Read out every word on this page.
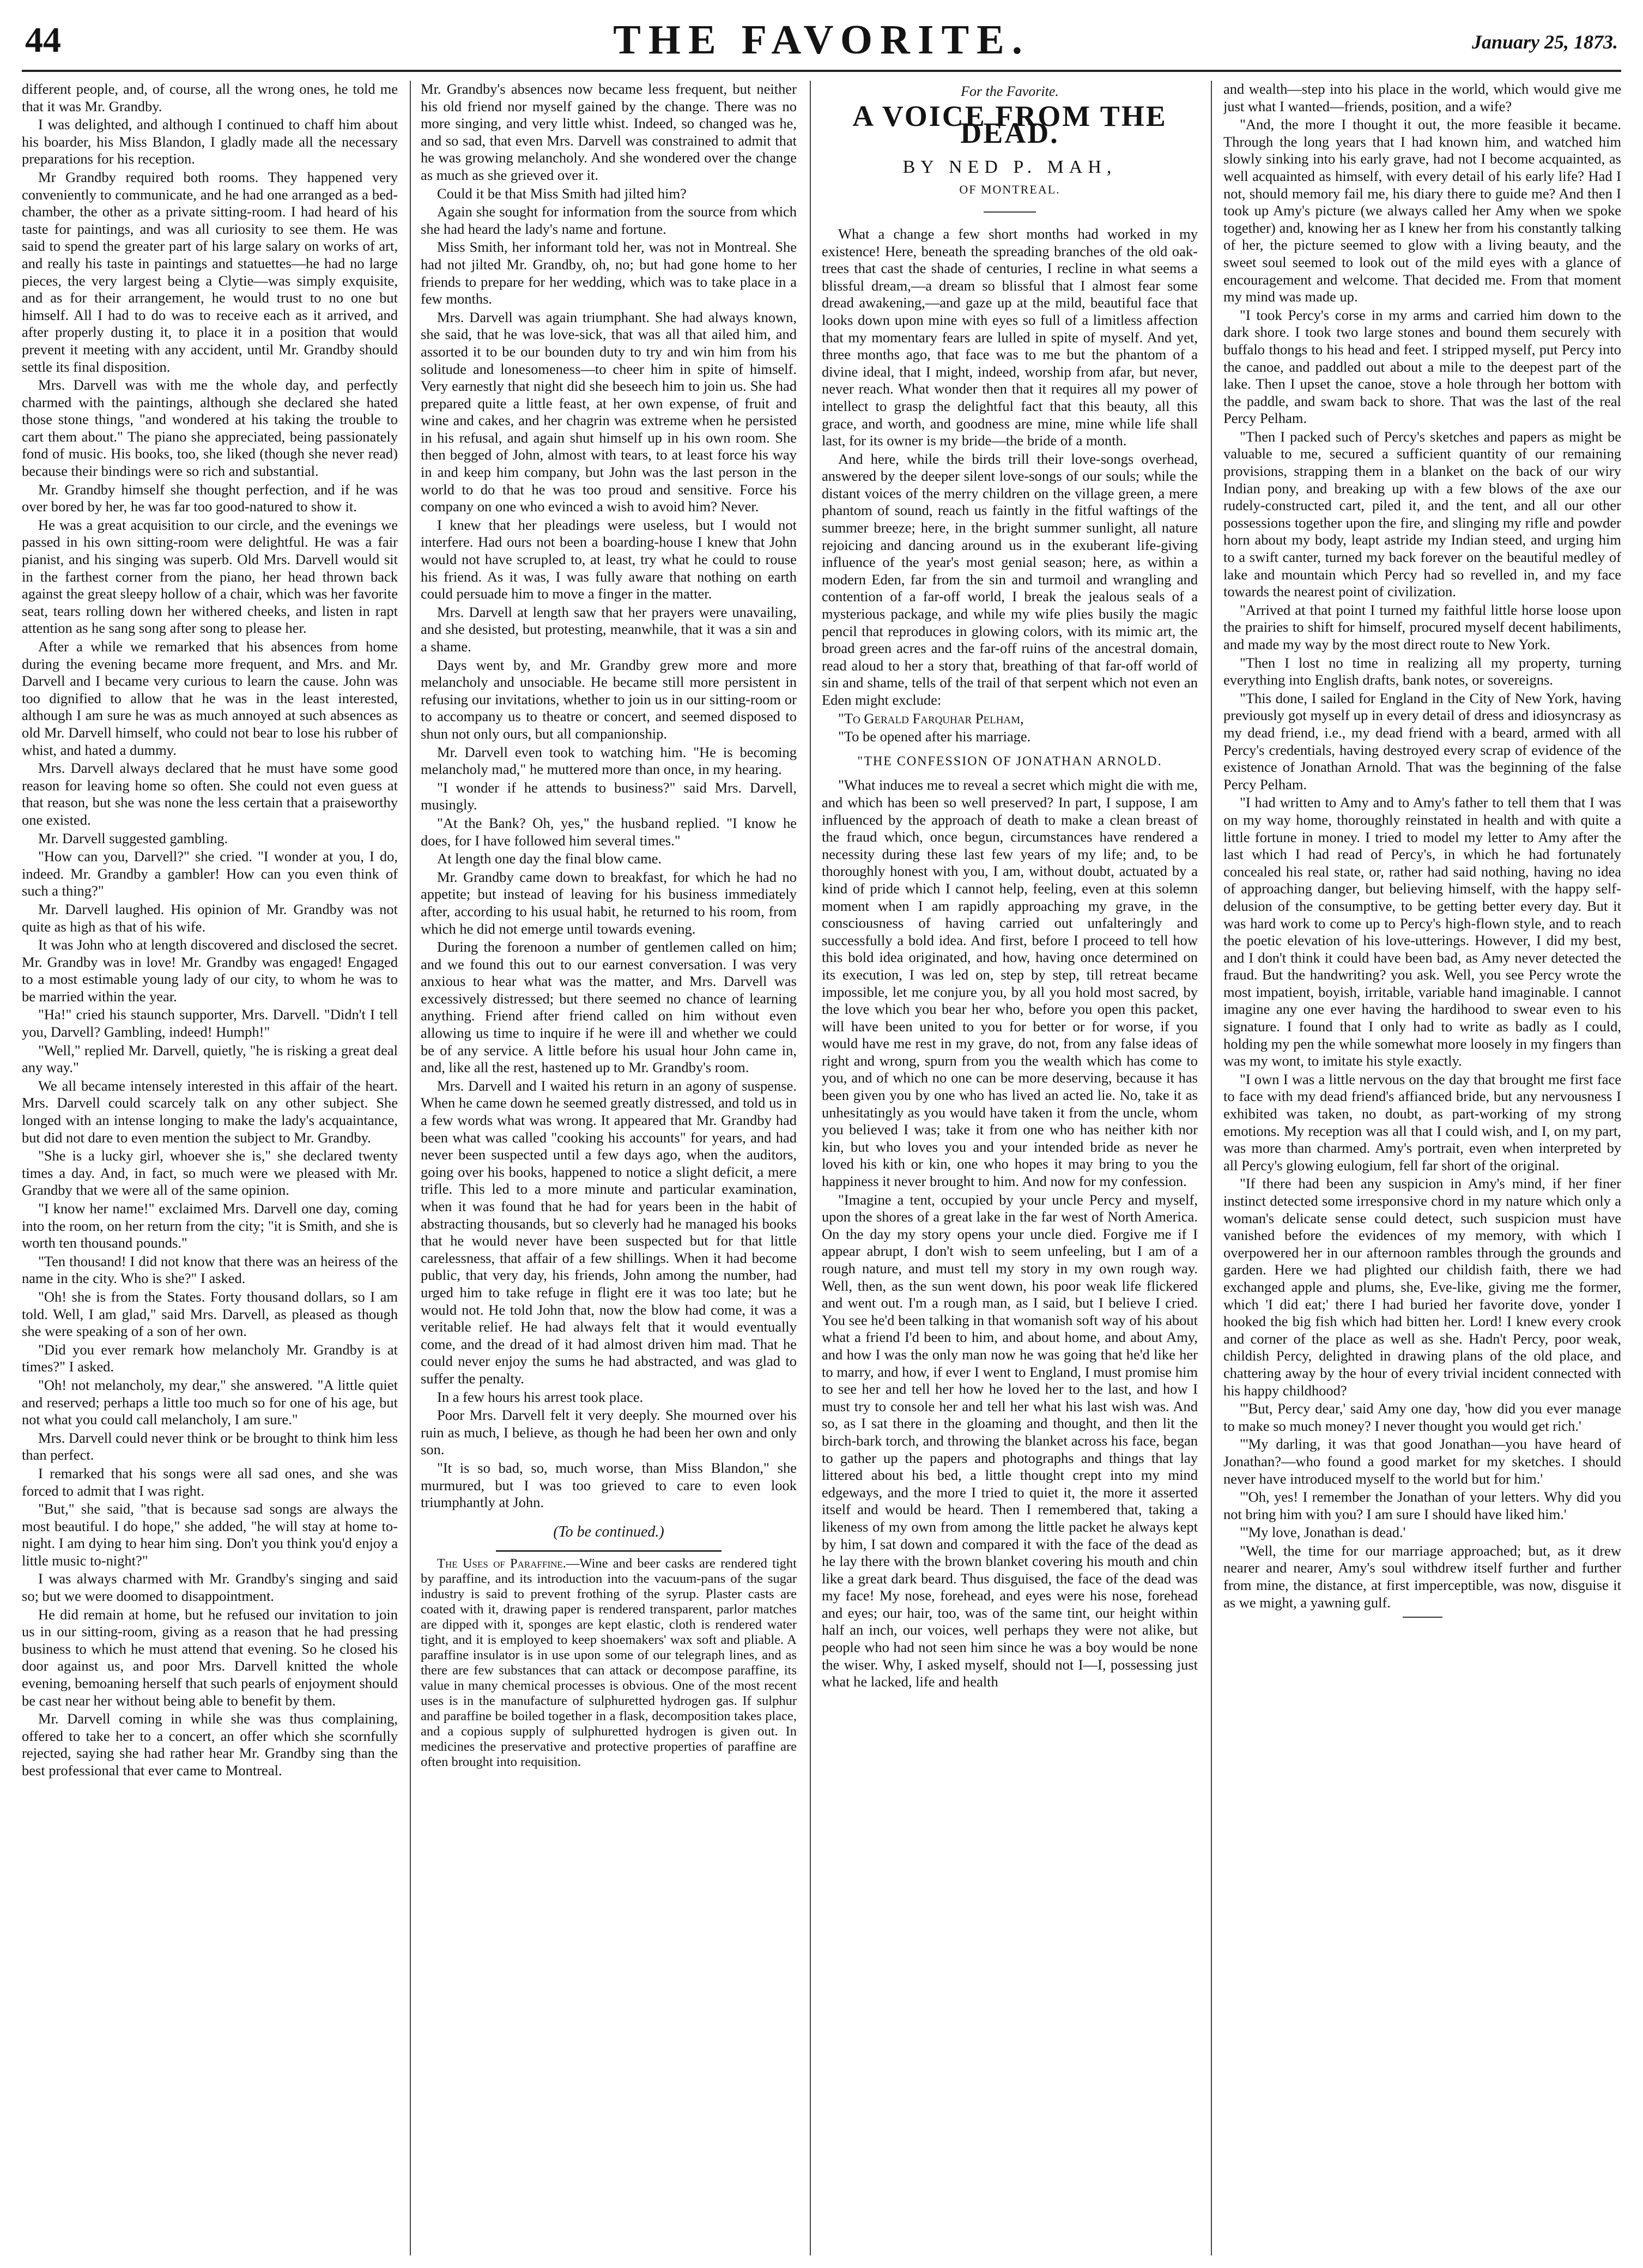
44	THE FAVORITE.	January 25, 1873.

different people, and, of course, all the wrong ones, he told me that it was Mr. Grandby.

I was delighted, and although I continued to chaff him about his boarder, his Miss Blandon, I gladly made all the necessary preparations for his reception.

Mr Grandby required both rooms. They happened very conveniently to communicate, and he had one arranged as a bed-chamber, the other as a private sitting-room. I had heard of his taste for paintings, and was all curiosity to see them. He was said to spend the greater part of his large salary on works of art, and really his taste in paintings and statuettes—he had no large pieces, the very largest being a Clytie—was simply exquisite, and as for their arrangement, he would trust to no one but himself. All I had to do was to receive each as it arrived, and after properly dusting it, to place it in a position that would prevent it meeting with any accident, until Mr. Grandby should settle its final disposition.

Mrs. Darvell was with me the whole day, and perfectly charmed with the paintings, although she declared she hated those stone things, "and wondered at his taking the trouble to cart them about." The piano she appreciated, being passionately fond of music. His books, too, she liked (though she never read) because their bindings were so rich and substantial.

Mr. Grandby himself she thought perfection, and if he was over bored by her, he was far too good-natured to show it.

He was a great acquisition to our circle, and the evenings we passed in his own sitting-room were delightful. He was a fair pianist, and his singing was superb. Old Mrs. Darvell would sit in the farthest corner from the piano, her head thrown back against the great sleepy hollow of a chair, which was her favorite seat, tears rolling down her withered cheeks, and listen in rapt attention as he sang song after song to please her.

After a while we remarked that his absences from home during the evening became more frequent, and Mrs. and Mr. Darvell and I became very curious to learn the cause. John was too dignified to allow that he was in the least interested, although I am sure he was as much annoyed at such absences as old Mr. Darvell himself, who could not bear to lose his rubber of whist, and hated a dummy.

Mrs. Darvell always declared that he must have some good reason for leaving home so often. She could not even guess at that reason, but she was none the less certain that a praiseworthy one existed.

Mr. Darvell suggested gambling.

"How can you, Darvell?" she cried. "I wonder at you, I do, indeed. Mr. Grandby a gambler! How can you even think of such a thing?"

Mr. Darvell laughed. His opinion of Mr. Grandby was not quite as high as that of his wife.

It was John who at length discovered and disclosed the secret. Mr. Grandby was in love! Mr. Grandby was engaged! Engaged to a most estimable young lady of our city, to whom he was to be married within the year.

"Ha!" cried his staunch supporter, Mrs. Darvell. "Didn't I tell you, Darvell? Gambling, indeed! Humph!"

"Well," replied Mr. Darvell, quietly, "he is risking a great deal any way."

We all became intensely interested in this affair of the heart. Mrs. Darvell could scarcely talk on any other subject. She longed with an intense longing to make the lady's acquaintance, but did not dare to even mention the subject to Mr. Grandby.

"She is a lucky girl, whoever she is," she declared twenty times a day. And, in fact, so much were we pleased with Mr. Grandby that we were all of the same opinion.

"I know her name!" exclaimed Mrs. Darvell one day, coming into the room, on her return from the city; "it is Smith, and she is worth ten thousand pounds."

"Ten thousand! I did not know that there was an heiress of the name in the city. Who is she?" I asked.

"Oh! she is from the States. Forty thousand dollars, so I am told. Well, I am glad," said Mrs. Darvell, as pleased as though she were speaking of a son of her own.

"Did you ever remark how melancholy Mr. Grandby is at times?" I asked.

"Oh! not melancholy, my dear," she answered. "A little quiet and reserved; perhaps a little too much so for one of his age, but not what you could call melancholy, I am sure."

Mrs. Darvell could never think or be brought to think him less than perfect.

I remarked that his songs were all sad ones, and she was forced to admit that I was right.

"But," she said, "that is because sad songs are always the most beautiful. I do hope," she added, "he will stay at home to-night. I am dying to hear him sing. Don't you think you'd enjoy a little music to-night?"

I was always charmed with Mr. Grandby's singing and said so; but we were doomed to disappointment.

He did remain at home, but he refused our invitation to join us in our sitting-room, giving as a reason that he had pressing business to which he must attend that evening. So he closed his door against us, and poor Mrs. Darvell knitted the whole evening, bemoaning herself that such pearls of enjoyment should be cast near her without being able to benefit by them.

Mr. Darvell coming in while she was thus complaining, offered to take her to a concert, an offer which she scornfully rejected, saying she had rather hear Mr. Grandby sing than the best professional that ever came to Montreal.

Mr. Grandby's absences now became less frequent, but neither his old friend nor myself gained by the change. There was no more singing, and very little whist. Indeed, so changed was he, and so sad, that even Mrs. Darvell was constrained to admit that he was growing melancholy. And she wondered over the change as much as she grieved over it.

Could it be that Miss Smith had jilted him?

Again she sought for information from the source from which she had heard the lady's name and fortune.

Miss Smith, her informant told her, was not in Montreal. She had not jilted Mr. Grandby, oh, no; but had gone home to her friends to prepare for her wedding, which was to take place in a few months.

Mrs. Darvell was again triumphant. She had always known, she said, that he was love-sick, that was all that ailed him, and assorted it to be our bounden duty to try and win him from his solitude and lonesomeness—to cheer him in spite of himself. Very earnestly that night did she beseech him to join us. She had prepared quite a little feast, at her own expense, of fruit and wine and cakes, and her chagrin was extreme when he persisted in his refusal, and again shut himself up in his own room. She then begged of John, almost with tears, to at least force his way in and keep him company, but John was the last person in the world to do that he was too proud and sensitive. Force his company on one who evinced a wish to avoid him? Never.

I knew that her pleadings were useless, but I would not interfere. Had ours not been a boarding-house I knew that John would not have scrupled to, at least, try what he could to rouse his friend. As it was, I was fully aware that nothing on earth could persuade him to move a finger in the matter.

Mrs. Darvell at length saw that her prayers were unavailing, and she desisted, but protesting, meanwhile, that it was a sin and a shame.

Days went by, and Mr. Grandby grew more and more melancholy and unsociable. He became still more persistent in refusing our invitations, whether to join us in our sitting-room or to accompany us to theatre or concert, and seemed disposed to shun not only ours, but all companionship.

Mr. Darvell even took to watching him. "He is becoming melancholy mad," he muttered more than once, in my hearing.

"I wonder if he attends to business?" said Mrs. Darvell, musingly.

"At the Bank? Oh, yes," the husband replied. "I know he does, for I have followed him several times."

At length one day the final blow came.

Mr. Grandby came down to breakfast, for which he had no appetite; but instead of leaving for his business immediately after, according to his usual habit, he returned to his room, from which he did not emerge until towards evening.

During the forenoon a number of gentlemen called on him; and we found this out to our earnest conversation. I was very anxious to hear what was the matter, and Mrs. Darvell was excessively distressed; but there seemed no chance of learning anything. Friend after friend called on him without even allowing us time to inquire if he were ill and whether we could be of any service. A little before his usual hour John came in, and, like all the rest, hastened up to Mr. Grandby's room.

Mrs. Darvell and I waited his return in an agony of suspense. When he came down he seemed greatly distressed, and told us in a few words what was wrong. It appeared that Mr. Grandby had been what was called "cooking his accounts" for years, and had never been suspected until a few days ago, when the auditors, going over his books, happened to notice a slight deficit, a mere trifle. This led to a more minute and particular examination, when it was found that he had for years been in the habit of abstracting thousands, but so cleverly had he managed his books that he would never have been suspected but for that little carelessness, that affair of a few shillings. When it had become public, that very day, his friends, John among the number, had urged him to take refuge in flight ere it was too late; but he would not. He told John that, now the blow had come, it was a veritable relief. He had always felt that it would eventually come, and the dread of it had almost driven him mad. That he could never enjoy the sums he had abstracted, and was glad to suffer the penalty.

In a few hours his arrest took place.

Poor Mrs. Darvell felt it very deeply. She mourned over his ruin as much, I believe, as though he had been her own and only son.

"It is so bad, so, much worse, than Miss Blandon," she murmured, but I was too grieved to care to even look triumphantly at John.

(To be continued.)

The Uses of Paraffine.—Wine and beer casks are rendered tight by paraffine, and its introduction into the vacuum-pans of the sugar industry is said to prevent frothing of the syrup. Plaster casts are coated with it, drawing paper is rendered transparent, parlor matches are dipped with it, sponges are kept elastic, cloth is rendered water tight, and it is employed to keep shoemakers' wax soft and pliable. A paraffine insulator is in use upon some of our telegraph lines, and as there are few substances that can attack or decompose paraffine, its value in many chemical processes is obvious. One of the most recent uses is in the manufacture of sulphuretted hydrogen gas. If sulphur and paraffine be boiled together in a flask, decomposition takes place, and a copious supply of sulphuretted hydrogen is given out. In medicines the preservative and protective properties of paraffine are often brought into requisition.

For the Favorite.
A VOICE FROM THE DEAD.
BY NED P. MAH,
OF MONTREAL.

What a change a few short months had worked in my existence! Here, beneath the spreading branches of the old oak-trees that cast the shade of centuries, I recline in what seems a blissful dream,—a dream so blissful that I almost fear some dread awakening,—and gaze up at the mild, beautiful face that looks down upon mine with eyes so full of a limitless affection that my momentary fears are lulled in spite of myself. And yet, three months ago, that face was to me but the phantom of a divine ideal, that I might, indeed, worship from afar, but never, never reach. What wonder then that it requires all my power of intellect to grasp the delightful fact that this beauty, all this grace, and worth, and goodness are mine, mine while life shall last, for its owner is my bride—the bride of a month.

And here, while the birds trill their love-songs overhead, answered by the deeper silent love-songs of our souls; while the distant voices of the merry children on the village green, a mere phantom of sound, reach us faintly in the fitful waftings of the summer breeze; here, in the bright summer sunlight, all nature rejoicing and dancing around us in the exuberant life-giving influence of the year's most genial season; here, as within a modern Eden, far from the sin and turmoil and wrangling and contention of a far-off world, I break the jealous seals of a mysterious package, and while my wife plies busily the magic pencil that reproduces in glowing colors, with its mimic art, the broad green acres and the far-off ruins of the ancestral domain, read aloud to her a story that, breathing of that far-off world of sin and shame, tells of the trail of that serpent which not even an Eden might exclude:

"To Gerald Farquhar Pelham,

"To be opened after his marriage.

"THE CONFESSION OF JONATHAN ARNOLD.

"What induces me to reveal a secret which might die with me, and which has been so well preserved? In part, I suppose, I am influenced by the approach of death to make a clean breast of the fraud which, once begun, circumstances have rendered a necessity during these last few years of my life; and, to be thoroughly honest with you, I am, without doubt, actuated by a kind of pride which I cannot help, feeling, even at this solemn moment when I am rapidly approaching my grave, in the consciousness of having carried out unfalteringly and successfully a bold idea. And first, before I proceed to tell how this bold idea originated, and how, having once determined on its execution, I was led on, step by step, till retreat became impossible, let me conjure you, by all you hold most sacred, by the love which you bear her who, before you open this packet, will have been united to you for better or for worse, if you would have me rest in my grave, do not, from any false ideas of right and wrong, spurn from you the wealth which has come to you, and of which no one can be more deserving, because it has been given you by one who has lived an acted lie. No, take it as unhesitatingly as you would have taken it from the uncle, whom you believed I was; take it from one who has neither kith nor kin, but who loves you and your intended bride as never he loved his kith or kin, one who hopes it may bring to you the happiness it never brought to him. And now for my confession.

"Imagine a tent, occupied by your uncle Percy and myself, upon the shores of a great lake in the far west of North America. On the day my story opens your uncle died. Forgive me if I appear abrupt, I don't wish to seem unfeeling, but I am of a rough nature, and must tell my story in my own rough way. Well, then, as the sun went down, his poor weak life flickered and went out. I'm a rough man, as I said, but I believe I cried. You see he'd been talking in that womanish soft way of his about what a friend I'd been to him, and about home, and about Amy, and how I was the only man now he was going that he'd like her to marry, and how, if ever I went to England, I must promise him to see her and tell her how he loved her to the last, and how I must try to console her and tell her what his last wish was. And so, as I sat there in the gloaming and thought, and then lit the birch-bark torch, and throwing the blanket across his face, began to gather up the papers and photographs and things that lay littered about his bed, a little thought crept into my mind edgeways, and the more I tried to quiet it, the more it asserted itself and would be heard. Then I remembered that, taking a likeness of my own from among the little packet he always kept by him, I sat down and compared it with the face of the dead as he lay there with the brown blanket covering his mouth and chin like a great dark beard. Thus disguised, the face of the dead was my face! My nose, forehead, and eyes were his nose, forehead and eyes; our hair, too, was of the same tint, our height within half an inch, our voices, well perhaps they were not alike, but people who had not seen him since he was a boy would be none the wiser. Why, I asked myself, should not I—I, possessing just what he lacked, life and health

and wealth—step into his place in the world, which would give me just what I wanted—friends, position, and a wife?

"And, the more I thought it out, the more feasible it became. Through the long years that I had known him, and watched him slowly sinking into his early grave, had not I become acquainted, as well acquainted as himself, with every detail of his early life? Had I not, should memory fail me, his diary there to guide me? And then I took up Amy's picture (we always called her Amy when we spoke together) and, knowing her as I knew her from his constantly talking of her, the picture seemed to glow with a living beauty, and the sweet soul seemed to look out of the mild eyes with a glance of encouragement and welcome. That decided me. From that moment my mind was made up.

"I took Percy's corse in my arms and carried him down to the dark shore. I took two large stones and bound them securely with buffalo thongs to his head and feet. I stripped myself, put Percy into the canoe, and paddled out about a mile to the deepest part of the lake. Then I upset the canoe, stove a hole through her bottom with the paddle, and swam back to shore. That was the last of the real Percy Pelham.

"Then I packed such of Percy's sketches and papers as might be valuable to me, secured a sufficient quantity of our remaining provisions, strapping them in a blanket on the back of our wiry Indian pony, and breaking up with a few blows of the axe our rudely-constructed cart, piled it, and the tent, and all our other possessions together upon the fire, and slinging my rifle and powder horn about my body, leapt astride my Indian steed, and urging him to a swift canter, turned my back forever on the beautiful medley of lake and mountain which Percy had so revelled in, and my face towards the nearest point of civilization.

"Arrived at that point I turned my faithful little horse loose upon the prairies to shift for himself, procured myself decent habiliments, and made my way by the most direct route to New York.

"Then I lost no time in realizing all my property, turning everything into English drafts, bank notes, or sovereigns.

"This done, I sailed for England in the City of New York, having previously got myself up in every detail of dress and idiosyncrasy as my dead friend, i.e., my dead friend with a beard, armed with all Percy's credentials, having destroyed every scrap of evidence of the existence of Jonathan Arnold. That was the beginning of the false Percy Pelham.

"I had written to Amy and to Amy's father to tell them that I was on my way home, thoroughly reinstated in health and with quite a little fortune in money. I tried to model my letter to Amy after the last which I had read of Percy's, in which he had fortunately concealed his real state, or, rather had said nothing, having no idea of approaching danger, but believing himself, with the happy self-delusion of the consumptive, to be getting better every day. But it was hard work to come up to Percy's high-flown style, and to reach the poetic elevation of his love-utterings. However, I did my best, and I don't think it could have been bad, as Amy never detected the fraud. But the handwriting? you ask. Well, you see Percy wrote the most impatient, boyish, irritable, variable hand imaginable. I cannot imagine any one ever having the hardihood to swear even to his signature. I found that I only had to write as badly as I could, holding my pen the while somewhat more loosely in my fingers than was my wont, to imitate his style exactly.

"I own I was a little nervous on the day that brought me first face to face with my dead friend's affianced bride, but any nervousness I exhibited was taken, no doubt, as part-working of my strong emotions. My reception was all that I could wish, and I, on my part, was more than charmed. Amy's portrait, even when interpreted by all Percy's glowing eulogium, fell far short of the original.

"If there had been any suspicion in Amy's mind, if her finer instinct detected some irresponsive chord in my nature which only a woman's delicate sense could detect, such suspicion must have vanished before the evidences of my memory, with which I overpowered her in our afternoon rambles through the grounds and garden. Here we had plighted our childish faith, there we had exchanged apple and plums, she, Eve-like, giving me the former, which 'I did eat;' there I had buried her favorite dove, yonder I hooked the big fish which had bitten her. Lord! I knew every crook and corner of the place as well as she. Hadn't Percy, poor weak, childish Percy, delighted in drawing plans of the old place, and chattering away by the hour of every trivial incident connected with his happy childhood?

"'But, Percy dear,' said Amy one day, 'how did you ever manage to make so much money? I never thought you would get rich.'

"'My darling, it was that good Jonathan—you have heard of Jonathan?—who found a good market for my sketches. I should never have introduced myself to the world but for him.'

"'Oh, yes! I remember the Jonathan of your letters. Why did you not bring him with you? I am sure I should have liked him.'

"'My love, Jonathan is dead.'

"Well, the time for our marriage approached; but, as it drew nearer and nearer, Amy's soul withdrew itself further and further from mine, the distance, at first imperceptible, was now, disguise it as we might, a yawning gulf.
